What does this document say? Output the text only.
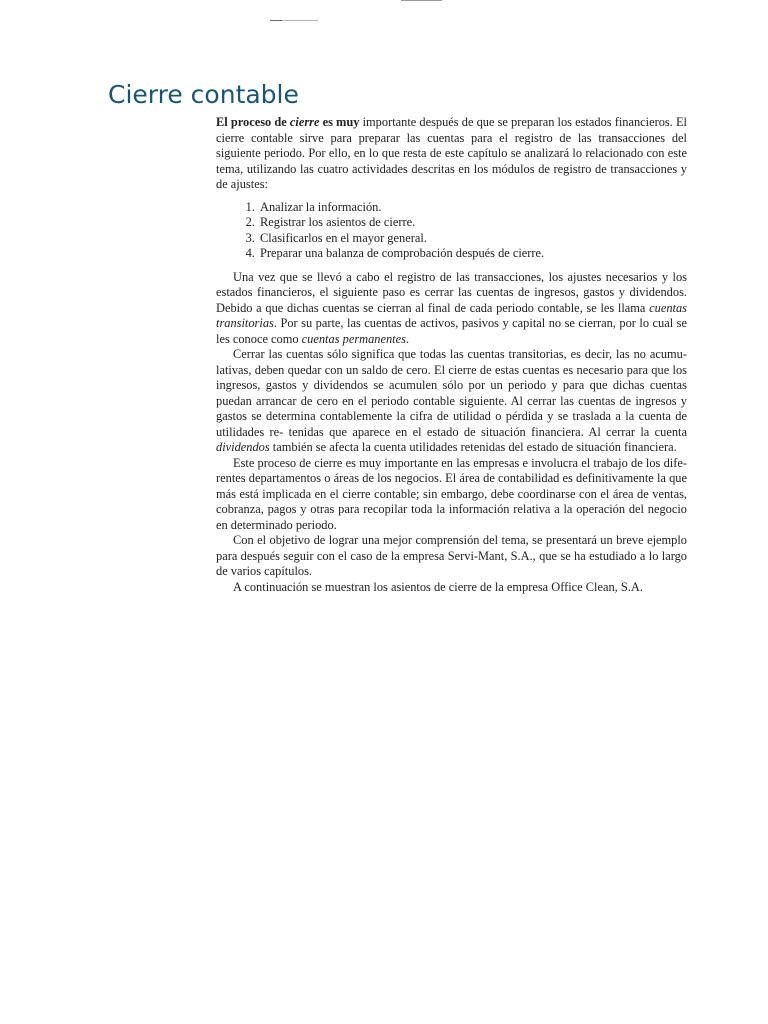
Cierre contable

El proceso de cierre es muy importante después de que se preparan los estados financieros. El cierre contable sirve para preparar las cuentas para el registro de las transacciones del siguiente periodo. Por ello, en lo que resta de este capítulo se analizará lo relacionado con este tema, utilizando las cuatro actividades descritas en los módulos de registro de transacciones y de ajustes:

1. Analizar la información.
2. Registrar los asientos de cierre.
3. Clasificarlos en el mayor general.
4. Preparar una balanza de comprobación después de cierre.

Una vez que se llevó a cabo el registro de las transacciones, los ajustes necesarios y los estados financieros, el siguiente paso es cerrar las cuentas de ingresos, gastos y dividendos. Debido a que dichas cuentas se cierran al final de cada periodo contable, se les llama cuentas transitorias. Por su parte, las cuentas de activos, pasivos y capital no se cierran, por lo cual se les conoce como cuentas permanentes.

Cerrar las cuentas sólo significa que todas las cuentas transitorias, es decir, las no acumu- lativas, deben quedar con un saldo de cero. El cierre de estas cuentas es necesario para que los ingresos, gastos y dividendos se acumulen sólo por un periodo y para que dichas cuentas puedan arrancar de cero en el periodo contable siguiente. Al cerrar las cuentas de ingresos y gastos se determina contablemente la cifra de utilidad o pérdida y se traslada a la cuenta de utilidades re- tenidas que aparece en el estado de situación financiera. Al cerrar la cuenta dividendos también se afecta la cuenta utilidades retenidas del estado de situación financiera.

Este proceso de cierre es muy importante en las empresas e involucra el trabajo de los dife- rentes departamentos o áreas de los negocios. El área de contabilidad es definitivamente la que más está implicada en el cierre contable; sin embargo, debe coordinarse con el área de ventas, cobranza, pagos y otras para recopilar toda la información relativa a la operación del negocio en determinado periodo.

Con el objetivo de lograr una mejor comprensión del tema, se presentará un breve ejemplo para después seguir con el caso de la empresa Servi-Mant, S.A., que se ha estudiado a lo largo de varios capítulos.

A continuación se muestran los asientos de cierre de la empresa Office Clean, S.A.
